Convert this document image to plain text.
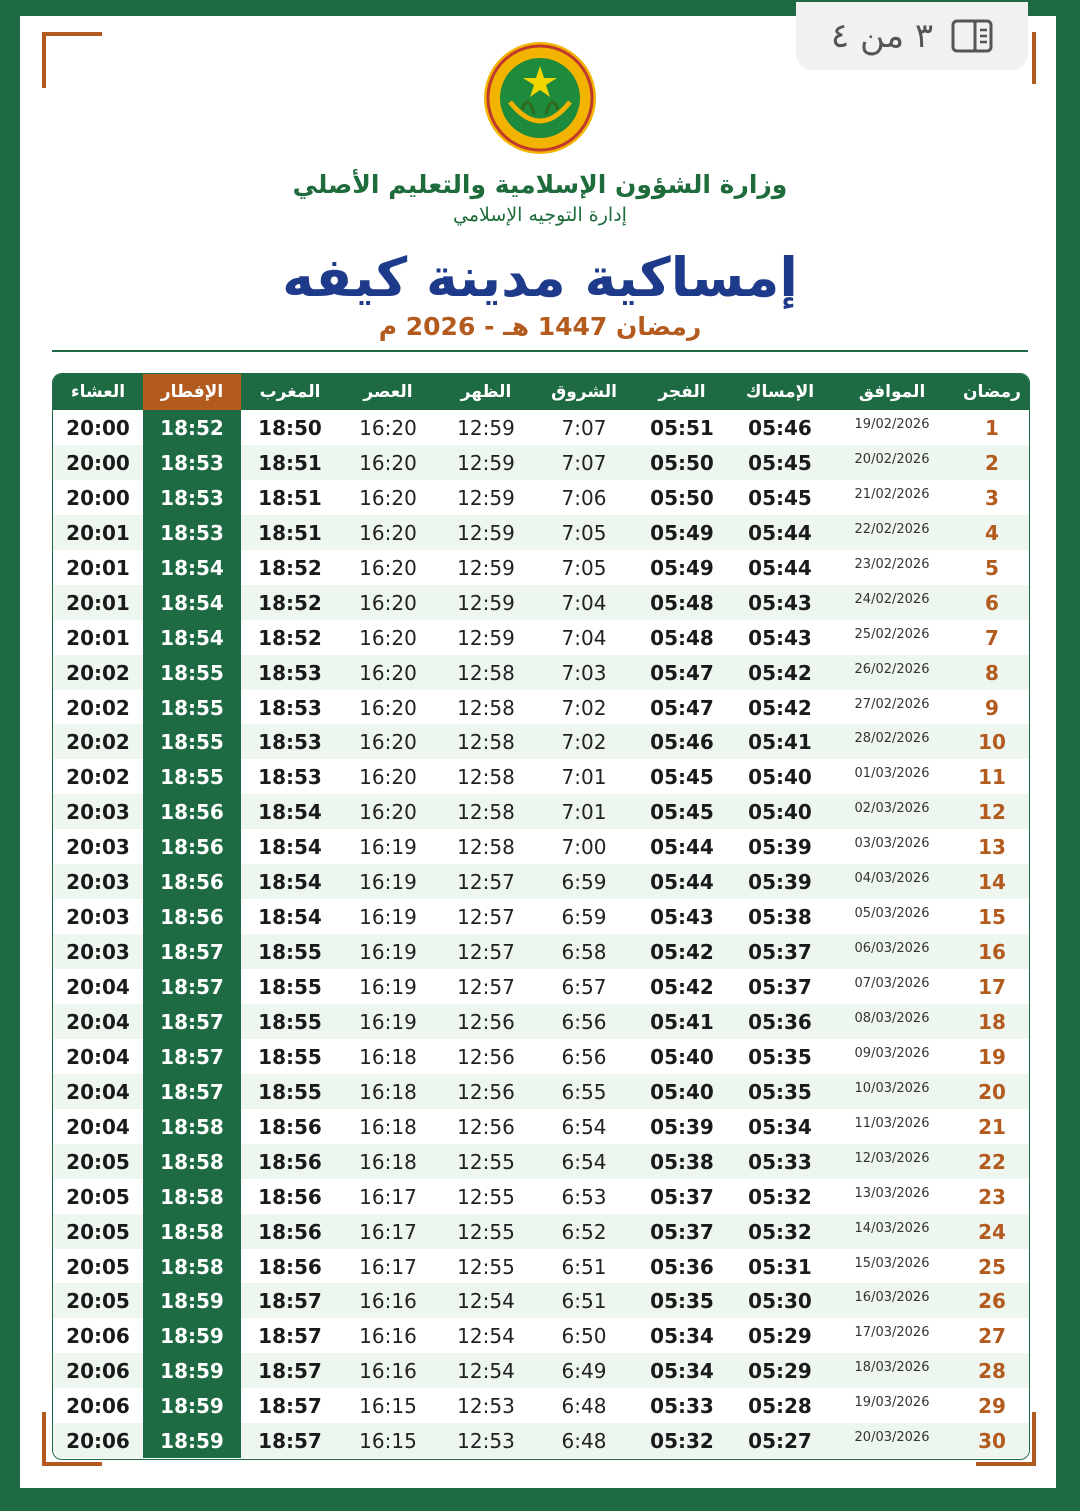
٣ من ٤
وزارة الشؤون الإسلامية والتعليم الأصلي
إدارة التوجيه الإسلامي
إمساكية مدينة كيفه
رمضان 1447 هـ - 2026 م
رمضان
الموافق
الإمساك
الفجر
الشروق
الظهر
العصر
المغرب
الإفطار
العشاء
1
19/02/2026
05:46
05:51
7:07
12:59
16:20
18:50
18:52
20:00
2
20/02/2026
05:45
05:50
7:07
12:59
16:20
18:51
18:53
20:00
3
21/02/2026
05:45
05:50
7:06
12:59
16:20
18:51
18:53
20:00
4
22/02/2026
05:44
05:49
7:05
12:59
16:20
18:51
18:53
20:01
5
23/02/2026
05:44
05:49
7:05
12:59
16:20
18:52
18:54
20:01
6
24/02/2026
05:43
05:48
7:04
12:59
16:20
18:52
18:54
20:01
7
25/02/2026
05:43
05:48
7:04
12:59
16:20
18:52
18:54
20:01
8
26/02/2026
05:42
05:47
7:03
12:58
16:20
18:53
18:55
20:02
9
27/02/2026
05:42
05:47
7:02
12:58
16:20
18:53
18:55
20:02
10
28/02/2026
05:41
05:46
7:02
12:58
16:20
18:53
18:55
20:02
11
01/03/2026
05:40
05:45
7:01
12:58
16:20
18:53
18:55
20:02
12
02/03/2026
05:40
05:45
7:01
12:58
16:20
18:54
18:56
20:03
13
03/03/2026
05:39
05:44
7:00
12:58
16:19
18:54
18:56
20:03
14
04/03/2026
05:39
05:44
6:59
12:57
16:19
18:54
18:56
20:03
15
05/03/2026
05:38
05:43
6:59
12:57
16:19
18:54
18:56
20:03
16
06/03/2026
05:37
05:42
6:58
12:57
16:19
18:55
18:57
20:03
17
07/03/2026
05:37
05:42
6:57
12:57
16:19
18:55
18:57
20:04
18
08/03/2026
05:36
05:41
6:56
12:56
16:19
18:55
18:57
20:04
19
09/03/2026
05:35
05:40
6:56
12:56
16:18
18:55
18:57
20:04
20
10/03/2026
05:35
05:40
6:55
12:56
16:18
18:55
18:57
20:04
21
11/03/2026
05:34
05:39
6:54
12:56
16:18
18:56
18:58
20:04
22
12/03/2026
05:33
05:38
6:54
12:55
16:18
18:56
18:58
20:05
23
13/03/2026
05:32
05:37
6:53
12:55
16:17
18:56
18:58
20:05
24
14/03/2026
05:32
05:37
6:52
12:55
16:17
18:56
18:58
20:05
25
15/03/2026
05:31
05:36
6:51
12:55
16:17
18:56
18:58
20:05
26
16/03/2026
05:30
05:35
6:51
12:54
16:16
18:57
18:59
20:05
27
17/03/2026
05:29
05:34
6:50
12:54
16:16
18:57
18:59
20:06
28
18/03/2026
05:29
05:34
6:49
12:54
16:16
18:57
18:59
20:06
29
19/03/2026
05:28
05:33
6:48
12:53
16:15
18:57
18:59
20:06
30
20/03/2026
05:27
05:32
6:48
12:53
16:15
18:57
18:59
20:06
